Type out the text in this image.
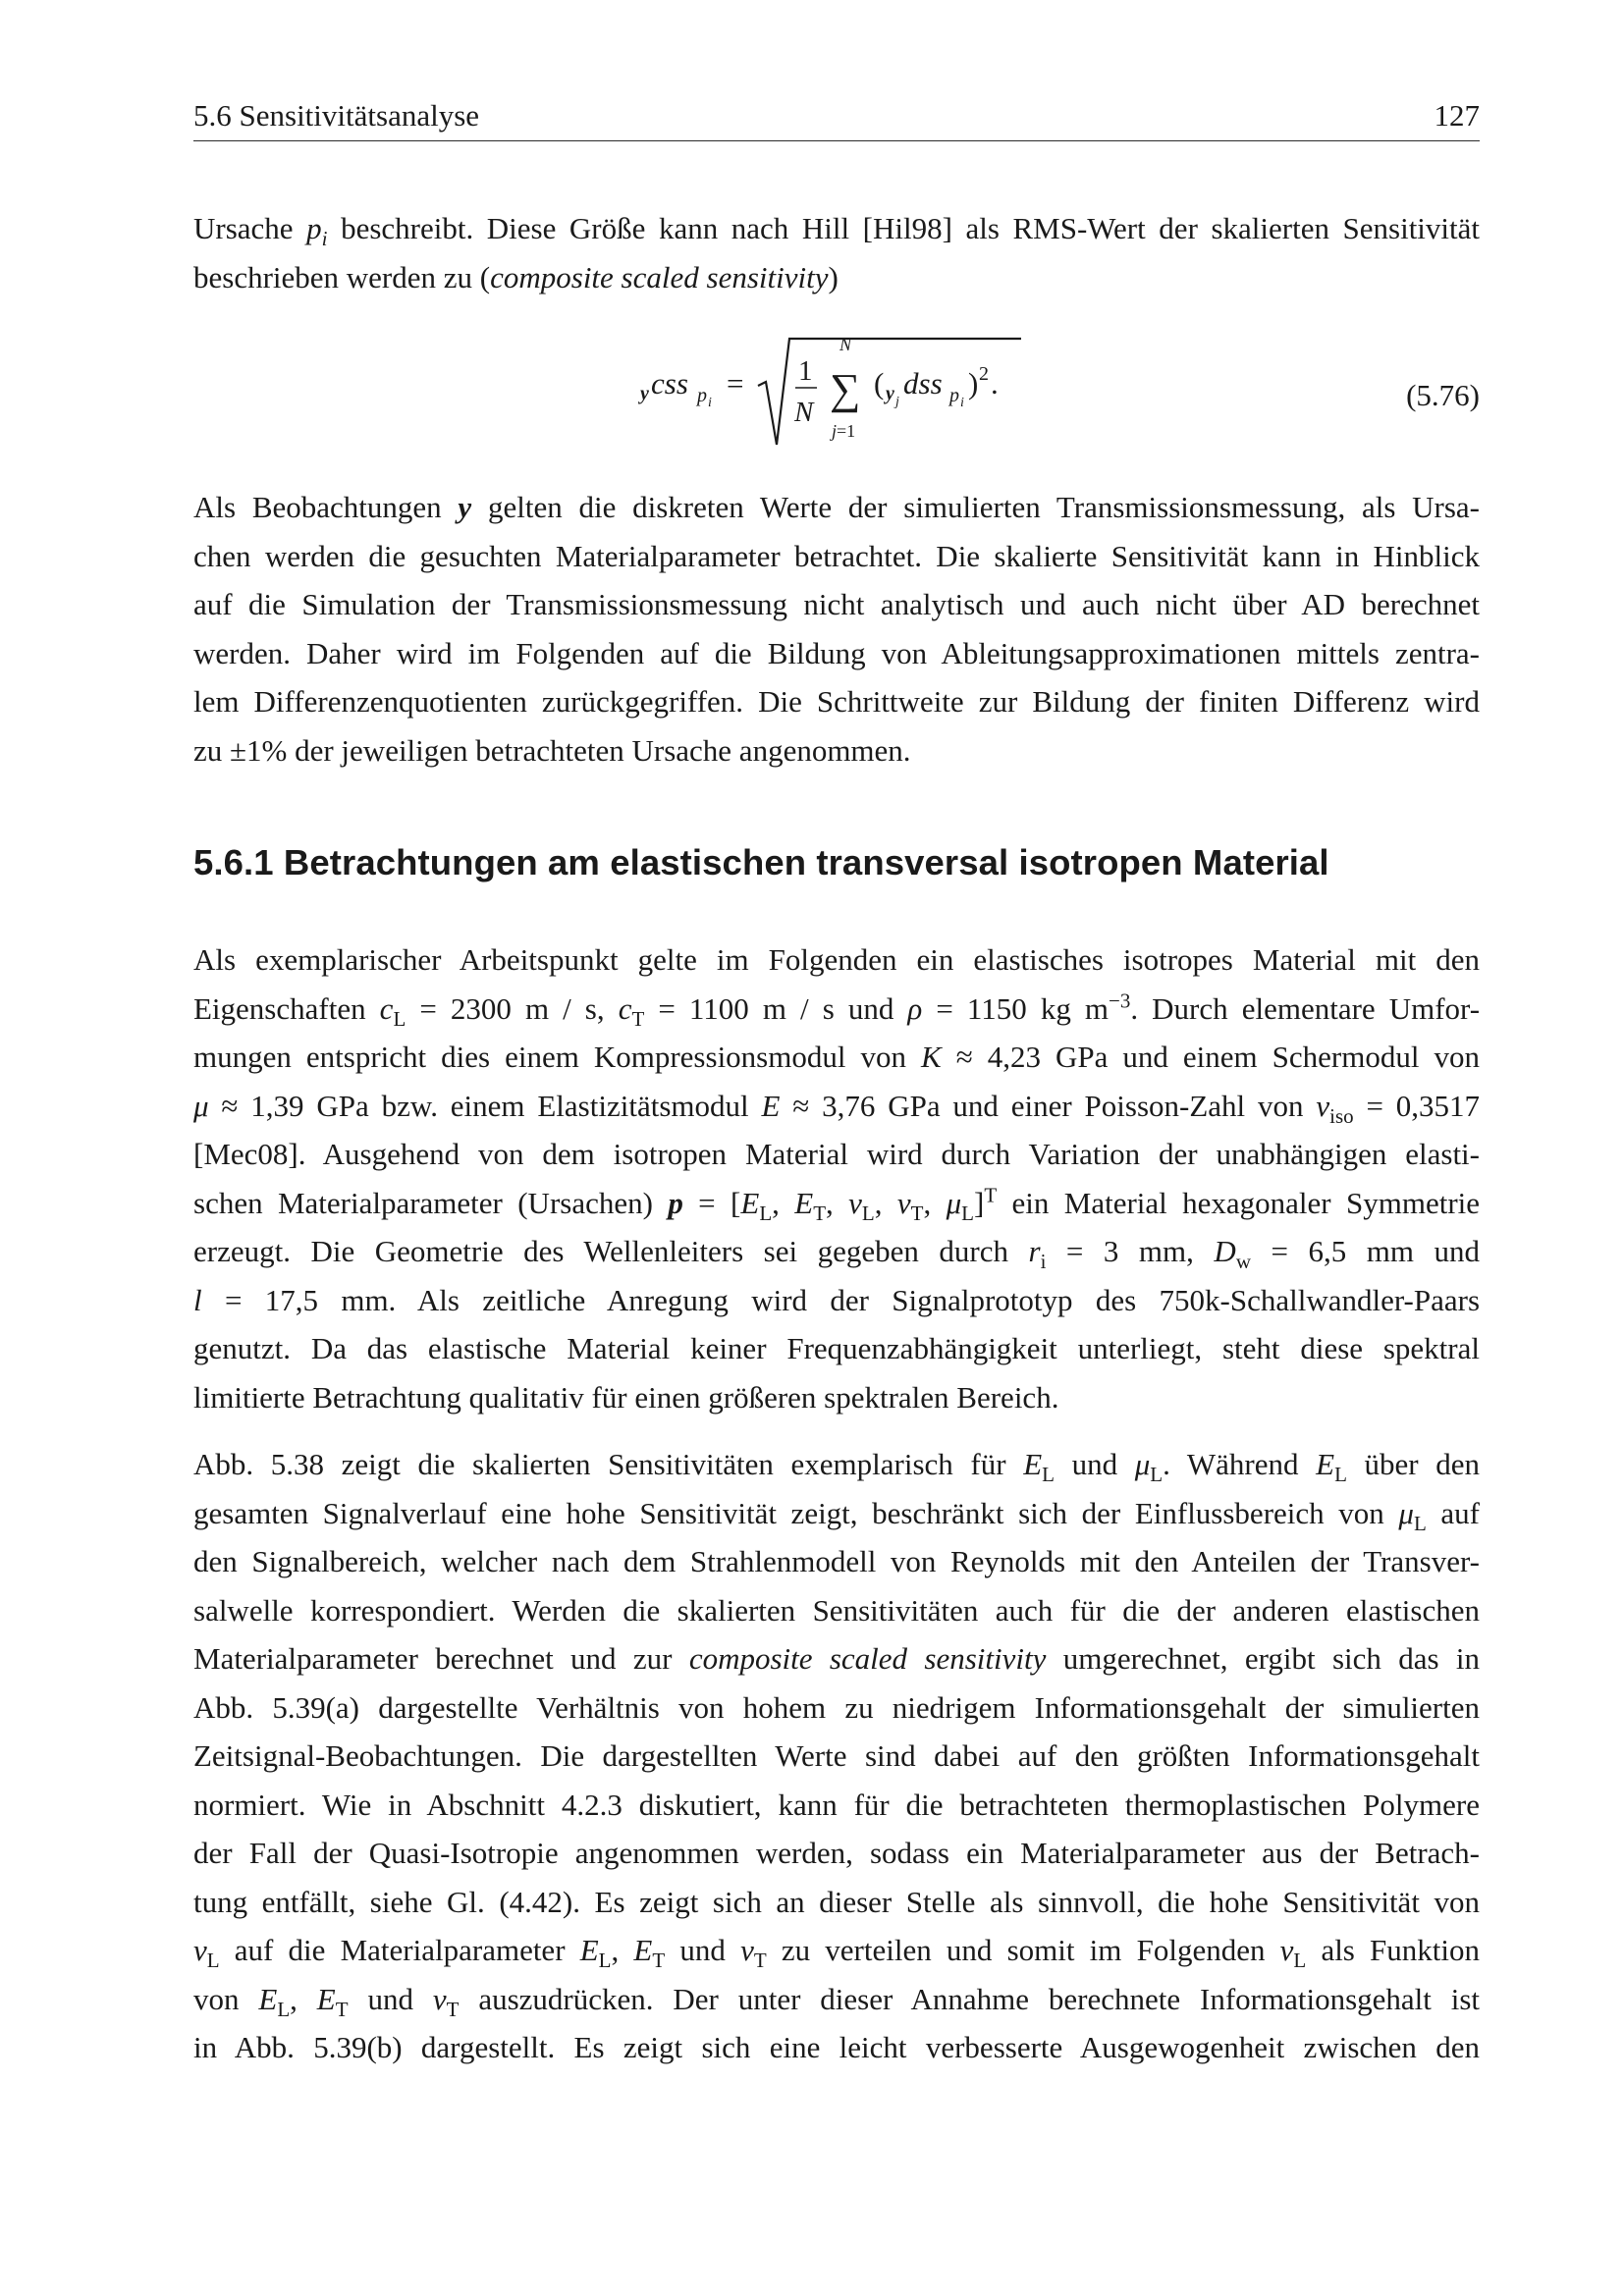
5.6 Sensitivitätsanalyse	127
Ursache $p_i$ beschreibt. Diese Größe kann nach Hill [Hil98] als RMS-Wert der skalierten Sensitivität
beschrieben werden zu (composite scaled sensitivity)
y css p i
= 1
N
N
∑
j=1
( y j
dss p i
) 2 .	(5.76)
Als Beobachtungen y gelten die diskreten Werte der simulierten Transmissionsmessung, als Ursa-
chen werden die gesuchten Materialparameter betrachtet. Die skalierte Sensitivität kann in Hinblick
auf die Simulation der Transmissionsmessung nicht analytisch und auch nicht über AD berechnet
werden. Daher wird im Folgenden auf die Bildung von Ableitungsapproximationen mittels zentra-
lem Differenzenquotienten zurückgegriffen. Die Schrittweite zur Bildung der finiten Differenz wird
zu ±1% der jeweiligen betrachteten Ursache angenommen.
5.6.1 Betrachtungen am elastischen transversal isotropen Material
Als exemplarischer Arbeitspunkt gelte im Folgenden ein elastisches isotropes Material mit den
Eigenschaften $c_L = 2300$ m / s, $c_T = 1100$ m / s und ρ = 1150 kg $m^{-3}$. Durch elementare Umfor-
mungen entspricht dies einem Kompressionsmodul von K ≈ 4,23 GPa und einem Schermodul von
μ ≈ 1,39 GPa bzw. einem Elastizitätsmodul E ≈ 3,76 GPa und einer Poisson-Zahl von $\nu_{iso} = 0,3517$
[Mec08]. Ausgehend von dem isotropen Material wird durch Variation der unabhängigen elasti-
schen Materialparameter (Ursachen) $p = [E_L$, $E_T$, $\nu_L$, $\nu_T$, $\mu_L]^T$ ein Material hexagonaler Symmetrie
erzeugt. Die Geometrie des Wellenleiters sei gegeben durch $r_i = 3$ mm, $D_w = 6,5$ mm und
l = 17,5 mm. Als zeitliche Anregung wird der Signalprototyp des 750k-Schallwandler-Paars
genutzt. Da das elastische Material keiner Frequenzabhängigkeit unterliegt, steht diese spektral
limitierte Betrachtung qualitativ für einen größeren spektralen Bereich.
Abb. 5.38 zeigt die skalierten Sensitivitäten exemplarisch für $E_L$ und $\mu_L$. Während $E_L$ über den
gesamten Signalverlauf eine hohe Sensitivität zeigt, beschränkt sich der Einflussbereich von $\mu_L$ auf
den Signalbereich, welcher nach dem Strahlenmodell von Reynolds mit den Anteilen der Transver-
salwelle korrespondiert. Werden die skalierten Sensitivitäten auch für die der anderen elastischen
Materialparameter berechnet und zur composite scaled sensitivity umgerechnet, ergibt sich das in
Abb. 5.39(a) dargestellte Verhältnis von hohem zu niedrigem Informationsgehalt der simulierten
Zeitsignal-Beobachtungen. Die dargestellten Werte sind dabei auf den größten Informationsgehalt
normiert. Wie in Abschnitt 4.2.3 diskutiert, kann für die betrachteten thermoplastischen Polymere
der Fall der Quasi-Isotropie angenommen werden, sodass ein Materialparameter aus der Betrach-
tung entfällt, siehe Gl. (4.42). Es zeigt sich an dieser Stelle als sinnvoll, die hohe Sensitivität von
$\nu_L$ auf die Materialparameter $E_L$, $E_T$ und $\nu_T$ zu verteilen und somit im Folgenden $\nu_L$ als Funktion
von $E_L$, $E_T$ und $\nu_T$ auszudrücken. Der unter dieser Annahme berechnete Informationsgehalt ist
in Abb. 5.39(b) dargestellt. Es zeigt sich eine leicht verbesserte Ausgewogenheit zwischen den
